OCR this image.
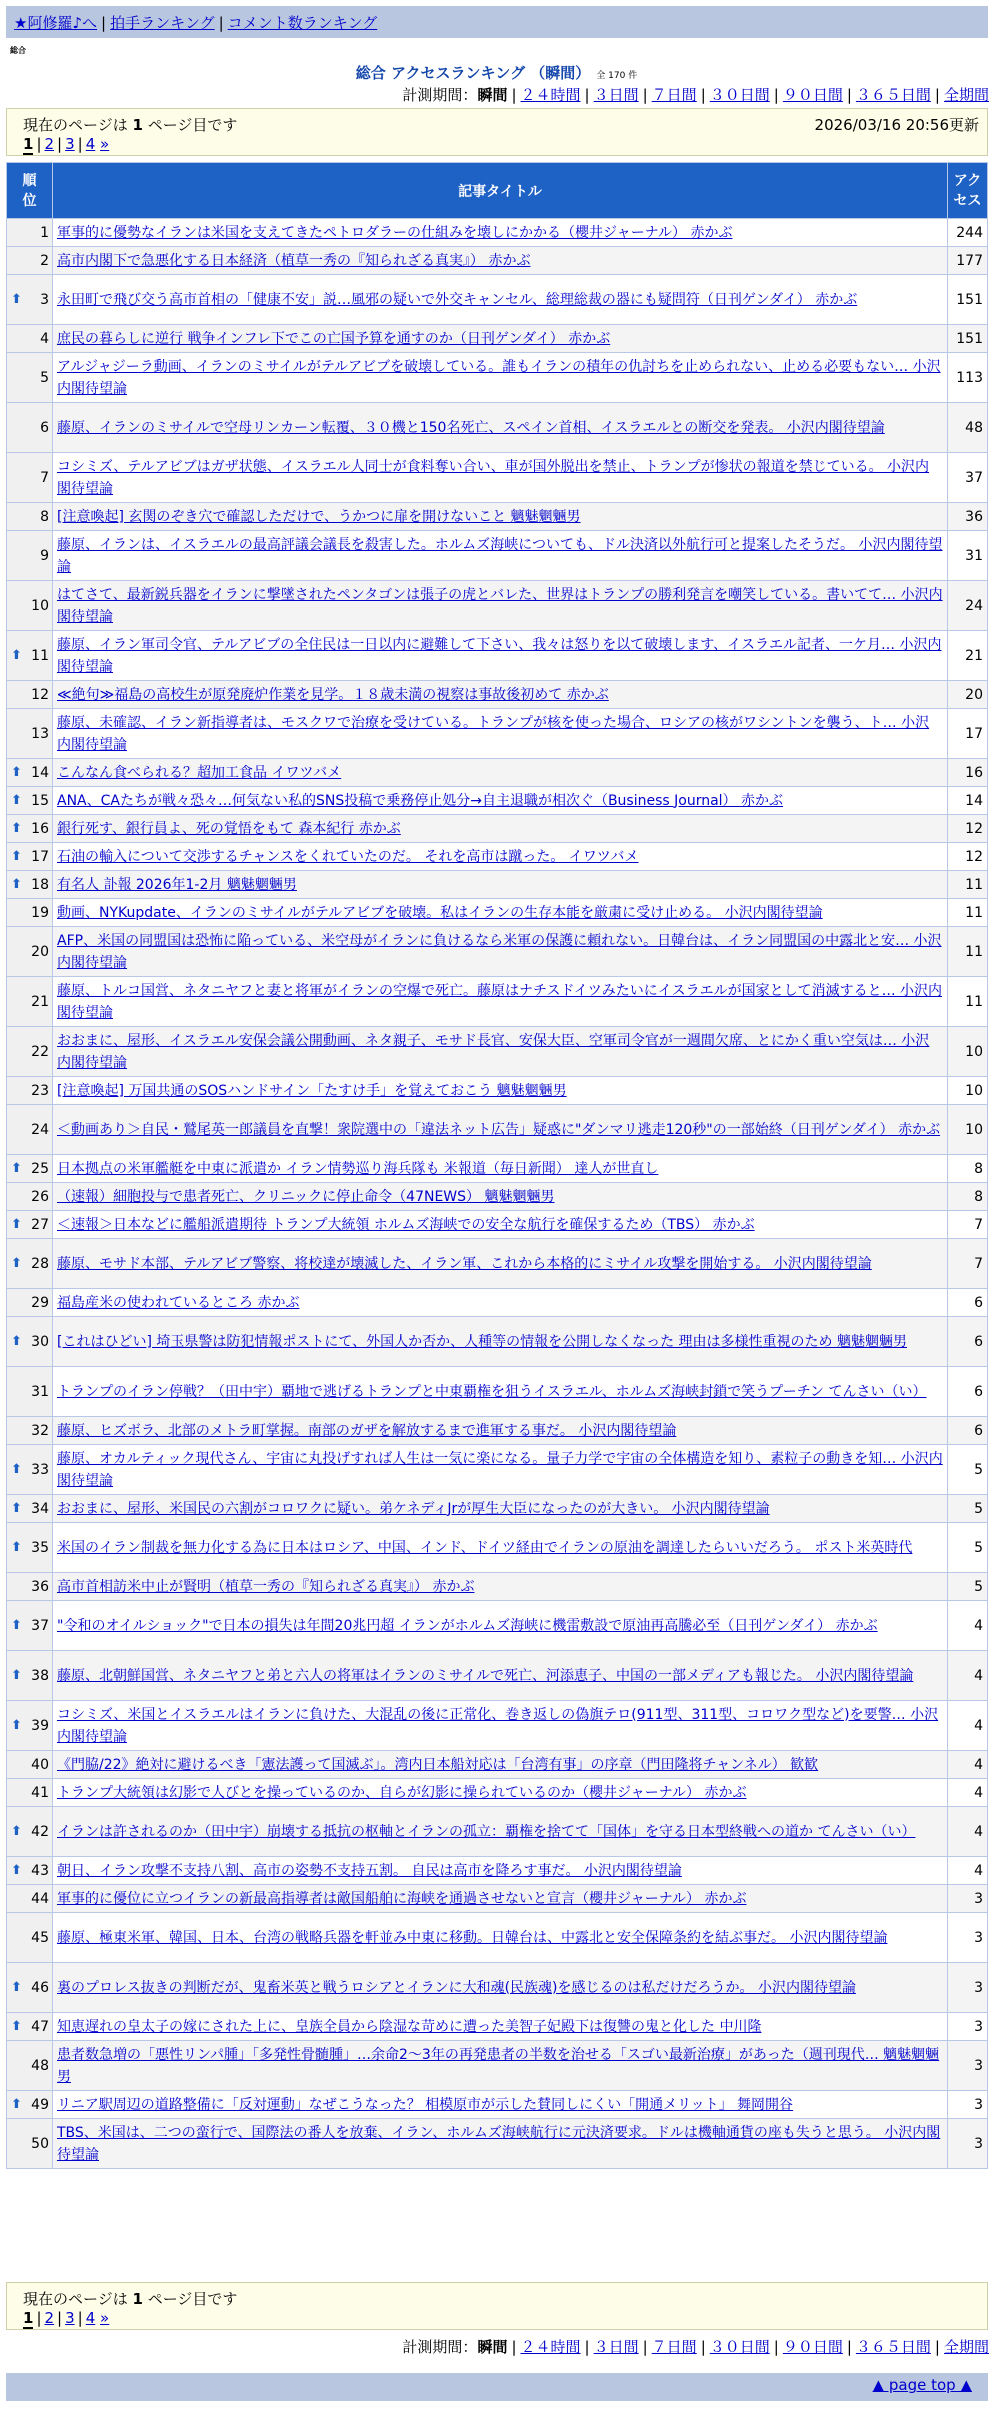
★阿修羅♪へ | 拍手ランキング | コメント数ランキング
総合
総合 アクセスランキング （瞬間） 全 170 件
計測期間：瞬間 | ２４時間 | ３日間 | ７日間 | ３０日間 | ９０日間 | ３６５日間 | 全期間
現在のページは 1 ページ目です	2026/03/16 20:56更新
1 | 2 | 3 | 4 »
順位	記事タイトル	アクセス
1	軍事的に優勢なイランは米国を支えてきたペトロダラーの仕組みを壊しにかかる（櫻井ジャーナル） 赤かぶ	244
2	高市内閣下で急悪化する日本経済（植草一秀の『知られざる真実』） 赤かぶ	177

⬆ 3	永田町で飛び交う高市首相の「健康不安」説…風邪の疑いで外交キャンセル、総理総裁の器にも疑問符（日刊ゲンダイ） 赤かぶ	151
4	庶民の暮らしに逆行 戦争インフレ下でこの亡国予算を通すのか（日刊ゲンダイ） 赤かぶ	151
5	アルジャジーラ動画、イランのミサイルがテルアビブを破壊している。誰もイランの積年の仇討ちを止められない、止める必要もない… 小沢内閣待望論	113
6	藤原、イランのミサイルで空母リンカーン転覆、３０機と150名死亡、スペイン首相、イスラエルとの断交を発表。 小沢内閣待望論	48
7	コシミズ、テルアビブはガザ状態、イスラエル人同士が食料奪い合い、車が国外脱出を禁止、トランプが惨状の報道を禁じている。 小沢内閣待望論	37
8	[注意喚起] 玄関のぞき穴で確認しただけで、うかつに扉を開けないこと 魑魅魍魎男	36
9	藤原、イランは、イスラエルの最高評議会議長を殺害した。ホルムズ海峡についても、ドル決済以外航行可と提案したそうだ。 小沢内閣待望論	31
10	はてさて、最新鋭兵器をイランに撃墜されたペンタゴンは張子の虎とバレた、世界はトランプの勝利発言を嘲笑している。書いてて… 小沢内閣待望論	24

⬆ 11	藤原、イラン軍司令官、テルアビブの全住民は一日以内に避難して下さい、我々は怒りを以て破壊します、イスラエル記者、一ケ月… 小沢内閣待望論	21
12	≪絶句≫福島の高校生が原発廃炉作業を見学。１８歳未満の視察は事故後初めて 赤かぶ	20
13	藤原、未確認、イラン新指導者は、モスクワで治療を受けている。トランプが核を使った場合、ロシアの核がワシントンを襲う、ト… 小沢内閣待望論	17

⬆ 14	こんなん食べられる？超加工食品 イワツバメ	16

⬆ 15	ANA、CAたちが戦々恐々…何気ない私的SNS投稿で乗務停止処分→自主退職が相次ぐ（Business Journal） 赤かぶ	14

⬆ 16	銀行死す、銀行員よ、死の覚悟をもて 森本紀行 赤かぶ	12

⬆ 17	石油の輸入について交渉するチャンスをくれていたのだ。 それを高市は蹴った。 イワツバメ	12

⬆ 18	有名人 訃報 2026年1-2月 魑魅魍魎男	11
19	動画、NYKupdate、イランのミサイルがテルアビブを破壊。私はイランの生存本能を厳粛に受け止める。 小沢内閣待望論	11
20	AFP、米国の同盟国は恐怖に陥っている、米空母がイランに負けるなら米軍の保護に頼れない。日韓台は、イラン同盟国の中露北と安… 小沢内閣待望論	11
21	藤原、トルコ国営、ネタニヤフと妻と将軍がイランの空爆で死亡。藤原はナチスドイツみたいにイスラエルが国家として消滅すると… 小沢内閣待望論	11
22	おおまに、屋形、イスラエル安保会議公開動画、ネタ親子、モサド長官、安保大臣、空軍司令官が一週間欠席、とにかく重い空気は… 小沢内閣待望論	10
23	[注意喚起] 万国共通のSOSハンドサイン「たすけ手」を覚えておこう 魑魅魍魎男	10
24	＜動画あり＞自民・鷲尾英一郎議員を直撃！衆院選中の「違法ネット広告」疑惑に"ダンマリ逃走120秒"の一部始終（日刊ゲンダイ） 赤かぶ	10

⬆ 25	日本拠点の米軍艦艇を中東に派遣か イラン情勢巡り海兵隊も 米報道（毎日新聞） 達人が世直し	8
26	（速報）細胞投与で患者死亡、クリニックに停止命令（47NEWS） 魑魅魍魎男	8

⬆ 27	＜速報＞日本などに艦船派遣期待 トランプ大統領 ホルムズ海峡での安全な航行を確保するため（TBS） 赤かぶ	7

⬆ 28	藤原、モサド本部、テルアビブ警察、将校達が壊滅した、イラン軍、これから本格的にミサイル攻撃を開始する。 小沢内閣待望論	7
29	福島産米の使われているところ 赤かぶ	6

⬆ 30	[これはひどい] 埼玉県警は防犯情報ポストにて、外国人か否か、人種等の情報を公開しなくなった 理由は多様性重視のため 魑魅魍魎男	6
31	トランプのイラン停戦？（田中宇）覇地で逃げるトランプと中東覇権を狙うイスラエル、ホルムズ海峡封鎖で笑うプーチン てんさい（い）	6
32	藤原、ヒズボラ、北部のメトラ町掌握。南部のガザを解放するまで進軍する事だ。 小沢内閣待望論	6

⬆ 33	藤原、オカルティック現代さん、宇宙に丸投げすれば人生は一気に楽になる。量子力学で宇宙の全体構造を知り、素粒子の動きを知… 小沢内閣待望論	5

⬆ 34	おおまに、屋形、米国民の六割がコロワクに疑い。弟ケネディJrが厚生大臣になったのが大きい。 小沢内閣待望論	5

⬆ 35	米国のイラン制裁を無力化する為に日本はロシア、中国、インド、ドイツ経由でイランの原油を調達したらいいだろう。 ポスト米英時代	5
36	高市首相訪米中止が賢明（植草一秀の『知られざる真実』） 赤かぶ	5

⬆ 37	"令和のオイルショック"で日本の損失は年間20兆円超 イランがホルムズ海峡に機雷敷設で原油再高騰必至（日刊ゲンダイ） 赤かぶ	4

⬆ 38	藤原、北朝鮮国営、ネタニヤフと弟と六人の将軍はイランのミサイルで死亡、河添恵子、中国の一部メディアも報じた。 小沢内閣待望論	4

⬆ 39	コシミズ、米国とイスラエルはイランに負けた、大混乱の後に正常化、巻き返しの偽旗テロ(911型、311型、コロワク型など)を要警… 小沢内閣待望論	4
40	《門脇/22》絶対に避けるべき「憲法護って国滅ぶ」。湾内日本船対応は「台湾有事」の序章（門田隆将チャンネル） 歓歓	4
41	トランプ大統領は幻影で人びとを操っているのか、自らが幻影に操られているのか（櫻井ジャーナル） 赤かぶ	4

⬆ 42	イランは許されるのか（田中宇）崩壊する抵抗の枢軸とイランの孤立：覇権を捨てて「国体」を守る日本型終戦への道か てんさい（い）	4

⬆ 43	朝日、イラン攻撃不支持八割、高市の姿勢不支持五割。 自民は高市を降ろす事だ。 小沢内閣待望論	4
44	軍事的に優位に立つイランの新最高指導者は敵国船舶に海峡を通過させないと宣言（櫻井ジャーナル） 赤かぶ	3
45	藤原、極東米軍、韓国、日本、台湾の戦略兵器を軒並み中東に移動。日韓台は、中露北と安全保障条約を結ぶ事だ。 小沢内閣待望論	3

⬆ 46	裏のプロレス抜きの判断だが、鬼畜米英と戦うロシアとイランに大和魂(民族魂)を感じるのは私だけだろうか。 小沢内閣待望論	3

⬆ 47	知恵遅れの皇太子の嫁にされた上に、皇族全員から陰湿な苛めに遭った美智子妃殿下は復讐の鬼と化した 中川隆	3
48	患者数急増の「悪性リンパ腫」「多発性骨髄腫」…余命2〜3年の再発患者の半数を治せる「スゴい最新治療」があった（週刊現代… 魑魅魍魎男	3

⬆ 49	リニア駅周辺の道路整備に「反対運動」なぜこうなった？ 相模原市が示した賛同しにくい「開通メリット」 舞岡開谷	3
50	TBS、米国は、二つの蛮行で、国際法の番人を放棄、イラン、ホルムズ海峡航行に元決済要求。ドルは機軸通貨の座も失うと思う。 小沢内閣待望論	3
現在のページは 1 ページ目です
1 | 2 | 3 | 4 »
計測期間：瞬間 | ２４時間 | ３日間 | ７日間 | ３０日間 | ９０日間 | ３６５日間 | 全期間
▲ page top ▲
